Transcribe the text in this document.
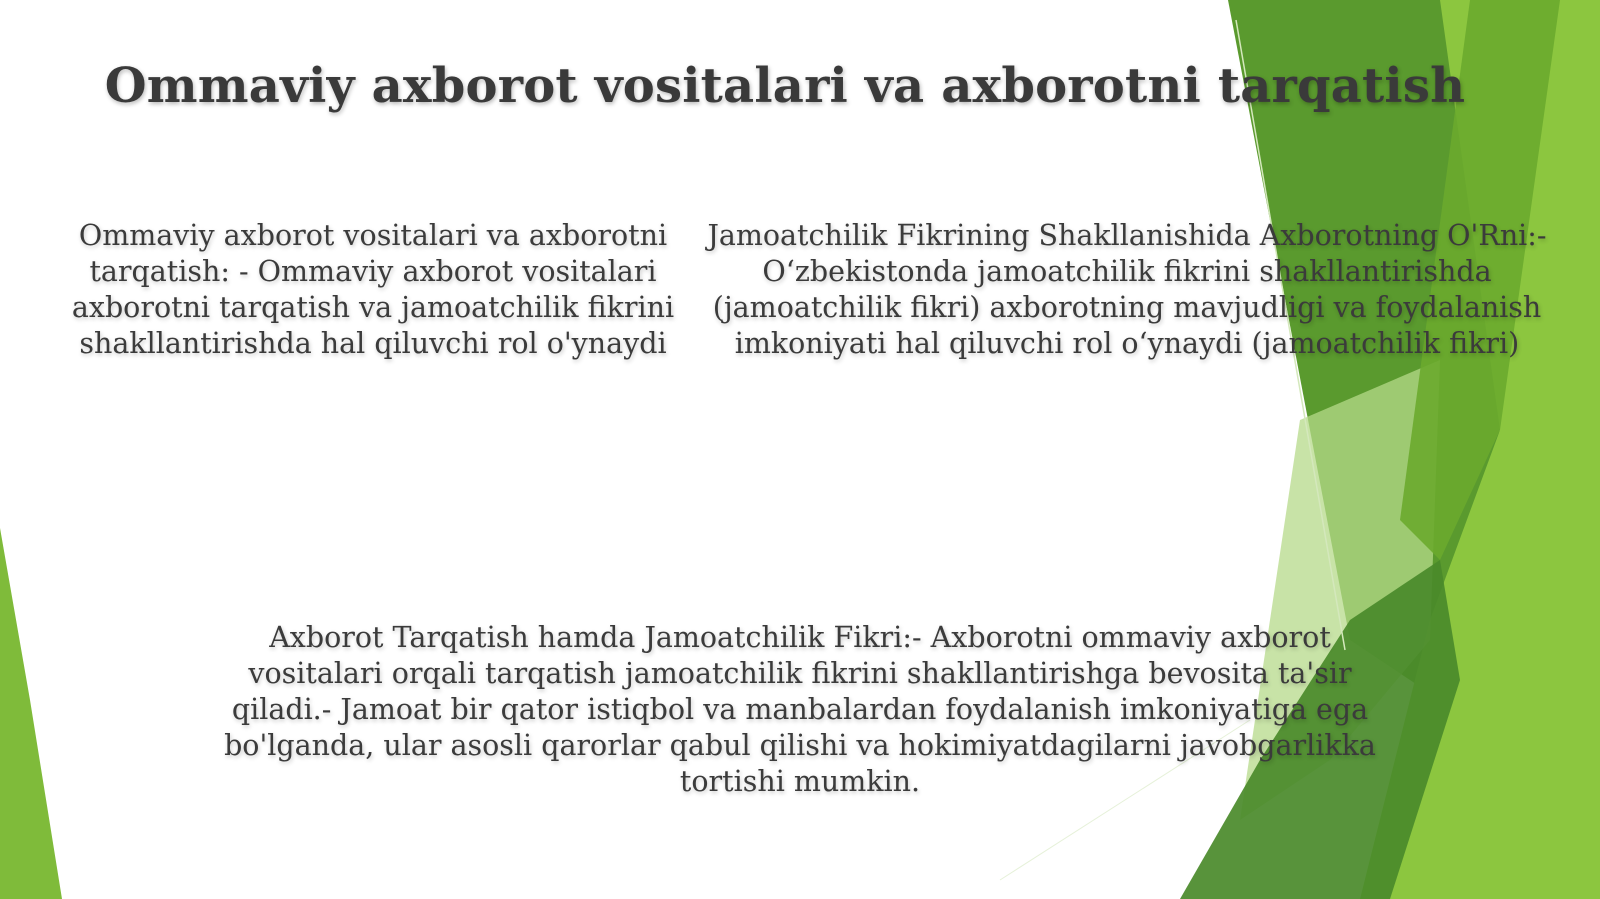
Ommaviy axborot vositalari va axborotni tarqatish
Ommaviy axborot vositalari va axborotni tarqatish: - Ommaviy axborot vositalari axborotni tarqatish va jamoatchilik fikrini shakllantirishda hal qiluvchi rol o'ynaydi
Jamoatchilik Fikrining Shakllanishida Axborotning O'Rni:- O‘zbekistonda jamoatchilik fikrini shakllantirishda (jamoatchilik fikri) axborotning mavjudligi va foydalanish imkoniyati hal qiluvchi rol o‘ynaydi (jamoatchilik fikri)
Axborot Tarqatish hamda Jamoatchilik Fikri:- Axborotni ommaviy axborot vositalari orqali tarqatish jamoatchilik fikrini shakllantirishga bevosita ta'sir qiladi.- Jamoat bir qator istiqbol va manbalardan foydalanish imkoniyatiga ega bo'lganda, ular asosli qarorlar qabul qilishi va hokimiyatdagilarni javobgarlikka tortishi mumkin.
